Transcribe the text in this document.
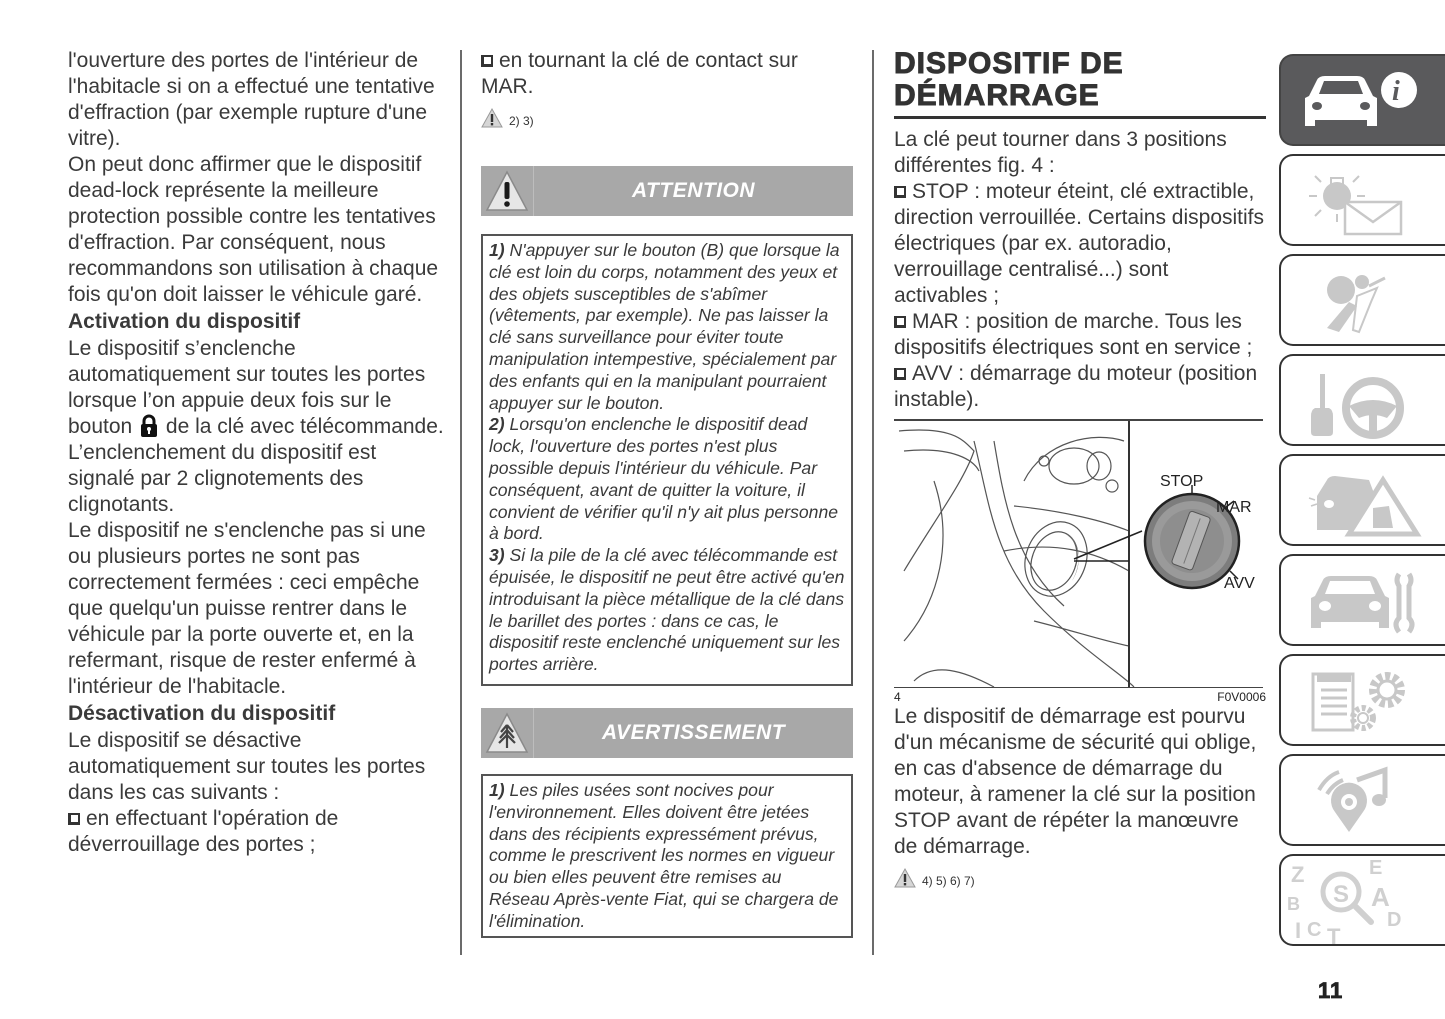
l'ouverture des portes de l'intérieur de l'habitacle si on a effectué une tentative d'effraction (par exemple rupture d'une vitre).

On peut donc affirmer que le dispositif dead-lock représente la meilleure protection possible contre les tentatives d'effraction. Par conséquent, nous recommandons son utilisation à chaque fois qu'on doit laisser le véhicule garé.

Activation du dispositif

Le dispositif s’enclenche automatiquement sur toutes les portes lorsque l’on appuie deux fois sur le bouton de la clé avec télécommande.

L’enclenchement du dispositif est signalé par 2 clignotements des clignotants.

Le dispositif ne s'enclenche pas si une ou plusieurs portes ne sont pas correctement fermées : ceci empêche que quelqu'un puisse rentrer dans le véhicule par la porte ouverte et, en la refermant, risque de rester enfermé à l'intérieur de l'habitacle.

Désactivation du dispositif

Le dispositif se désactive automatiquement sur toutes les portes dans les cas suivants :

en effectuant l'opération de déverrouillage des portes ;

en tournant la clé de contact sur MAR.

2) 3)
ATTENTION

1) N'appuyer sur le bouton (B) que lorsque la clé est loin du corps, notamment des yeux et des objets susceptibles de s'abîmer (vêtements, par exemple). Ne pas laisser la clé sans surveillance pour éviter toute manipulation intempestive, spécialement par des enfants qui en la manipulant pourraient appuyer sur le bouton.

2) Lorsqu'on enclenche le dispositif dead lock, l'ouverture des portes n'est plus possible depuis l'intérieur du véhicule. Par conséquent, avant de quitter la voiture, il convient de vérifier qu'il n'y ait plus personne à bord.

3) Si la pile de la clé avec télécommande est épuisée, le dispositif ne peut être activé qu'en introduisant la pièce métallique de la clé dans le barillet des portes : dans ce cas, le dispositif reste enclenché uniquement sur les portes arrière.

AVERTISSEMENT

1) Les piles usées sont nocives pour l'environnement. Elles doivent être jetées dans des récipients expressément prévus, comme le prescrivent les normes en vigueur ou bien elles peuvent être remises au Réseau Après-vente Fiat, qui se chargera de l'élimination.

DISPOSITIF DE DÉMARRAGE

La clé peut tourner dans 3 positions différentes fig. 4 :

STOP : moteur éteint, clé extractible, direction verrouillée. Certains dispositifs électriques (par ex. autoradio, verrouillage centralisé...) sont activables ;

MAR : position de marche. Tous les dispositifs électriques sont en service ;

AVV : démarrage du moteur (position instable).

STOP
MAR
AVV
4	F0V0006

Le dispositif de démarrage est pourvu d'un mécanisme de sécurité qui oblige, en cas d'absence de démarrage du moteur, à ramener la clé sur la position STOP avant de répéter la manœuvre de démarrage.

4) 5) 6) 7)
i
Z	E
B	A
I C T
D
S
11
